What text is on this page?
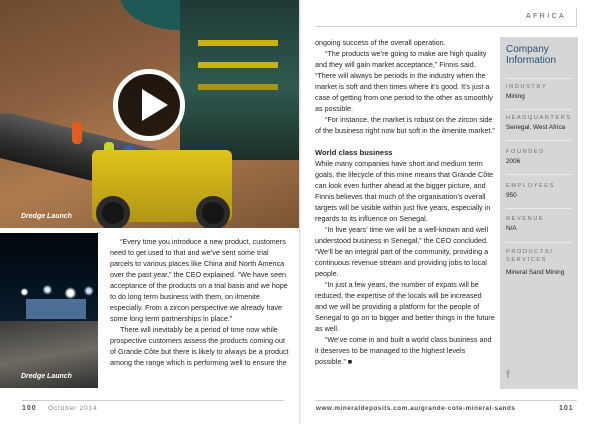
Dredge Launch
Dredge Launch

“Every time you introduce a new product, customers need to get used to that and we’ve sent some trial parcels to various places like China and North America over the past year,” the CEO explained. “We have seen acceptance of the products on a trial basis and we hope to do long term business with them, on ilmenite especially. From a zircon perspective we already have some long term partnerships in place.”

There will inevitably be a period of time now while prospective customers assess the products coming out of Grande Côte but there is likely to always be a product among the range which is performing well to ensure the

AFRICA

ongoing success of the overall operation.

“The products we’re going to make are high quality and they will gain market acceptance,” Finnis said. “There will always be periods in the industry when the market is soft and then times where it’s good. It’s just a case of getting from one period to the other as smoothly as possible.

“For instance, the market is robust on the zircon side of the business right now but soft in the ilmenite market.”

World class business

While many companies have short and medium term goals, the lifecycle of this mine means that Grande Côte can look even further ahead at the bigger picture, and Finnis believes that much of the organisation’s overall targets will be visible within just five years, especially in regards to its influence on Senegal.

“In five years’ time we will be a well-known and well understood business in Senegal,” the CEO concluded. “We’ll be an integral part of the community, providing a continuous revenue stream and providing jobs to local people.

“In just a few years, the number of expats will be reduced, the expertise of the locals will be increased and we will be providing a platform for the people of Senegal to go on to bigger and better things in the future as well.

“We’ve come in and built a world class business and it deserves to be managed to the highest levels possible.” ■

Company Information
INDUSTRY
Mining
HEADQUARTERS
Senegal, West Africa
FOUNDED
2006
EMPLOYEES
950
REVENUE
N/A
PRODUCTS/ SERVICES
Mineral Sand Mining
f
100 October 2014	www.mineraldeposits.com.au/grande-cote-mineral-sands	101
